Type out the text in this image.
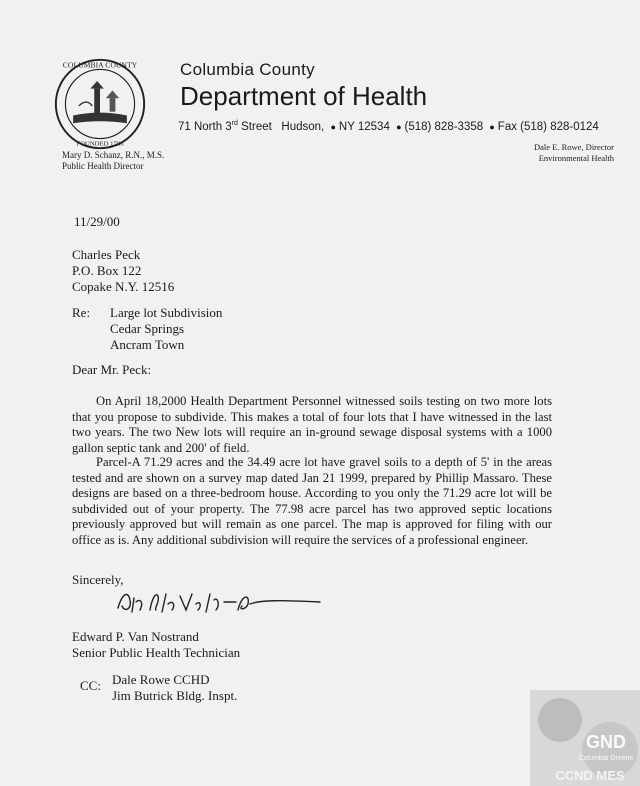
COLUMBIA COUNTY
FOUNDED 1786
Columbia County
Department of Health
71 North 3rd Street Hudson, ● NY 12534 ● (518) 828-3358 ● Fax (518) 828-0124
Mary D. Schanz, R.N., M.S.
Public Health Director
Dale E. Rowe, Director
Environmental Health
11/29/00
Charles Peck
P.O. Box 122
Copake N.Y. 12516
Re: Large lot Subdivision
Cedar Springs
Ancram Town
Dear Mr. Peck:
On April 18,2000 Health Department Personnel witnessed soils testing on two more lots that you propose to subdivide. This makes a total of four lots that I have witnessed in the last two years. The two New lots will require an in-ground sewage disposal systems with a 1000 gallon septic tank and 200' of field.
Parcel-A 71.29 acres and the 34.49 acre lot have gravel soils to a depth of 5' in the areas tested and are shown on a survey map dated Jan 21 1999, prepared by Phillip Massaro. These designs are based on a three-bedroom house. According to you only the 71.29 acre lot will be subdivided out of your property. The 77.98 acre parcel has two approved septic locations previously approved but will remain as one parcel. The map is approved for filing with our office as is. Any additional subdivision will require the services of a professional engineer.
Sincerely,
Edward P. Van Nostrand
Senior Public Health Technician
CC: Dale Rowe CCHD
Jim Butrick Bldg. Inspt.
GND
Columbia Greene
CCND MES
